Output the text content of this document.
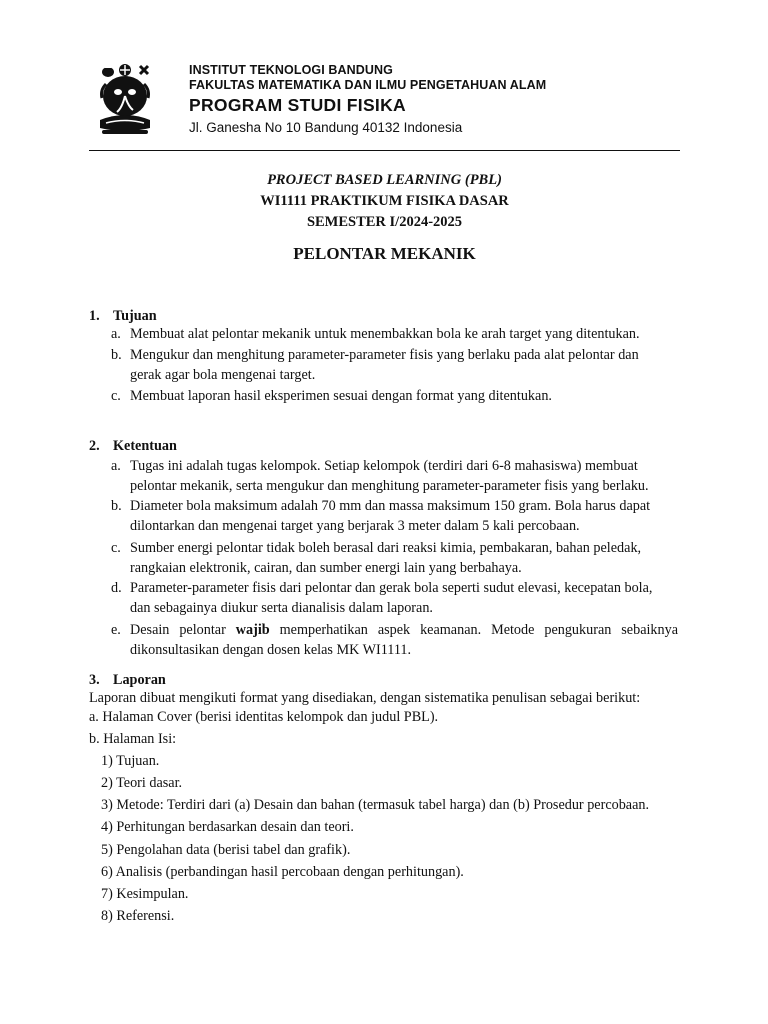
INSTITUT TEKNOLOGI BANDUNG
FAKULTAS MATEMATIKA DAN ILMU PENGETAHUAN ALAM
PROGRAM STUDI FISIKA
Jl. Ganesha No 10 Bandung 40132 Indonesia
PROJECT BASED LEARNING (PBL)
WI1111 PRAKTIKUM FISIKA DASAR
SEMESTER I/2024-2025
PELONTAR MEKANIK
1. Tujuan
a. Membuat alat pelontar mekanik untuk menembakkan bola ke arah target yang ditentukan.
b. Mengukur dan menghitung parameter-parameter fisis yang berlaku pada alat pelontar dan
gerak agar bola mengenai target.
c. Membuat laporan hasil eksperimen sesuai dengan format yang ditentukan.
2. Ketentuan
a. Tugas ini adalah tugas kelompok. Setiap kelompok (terdiri dari 6-8 mahasiswa) membuat
pelontar mekanik, serta mengukur dan menghitung parameter-parameter fisis yang berlaku.
b. Diameter bola maksimum adalah 70 mm dan massa maksimum 150 gram. Bola harus dapat
dilontarkan dan mengenai target yang berjarak 3 meter dalam 5 kali percobaan.
c. Sumber energi pelontar tidak boleh berasal dari reaksi kimia, pembakaran, bahan peledak,
rangkaian elektronik, cairan, dan sumber energi lain yang berbahaya.
d. Parameter-parameter fisis dari pelontar dan gerak bola seperti sudut elevasi, kecepatan bola,
dan sebagainya diukur serta dianalisis dalam laporan.
e. Desain pelontar wajib memperhatikan aspek keamanan. Metode pengukuran sebaiknya
dikonsultasikan dengan dosen kelas MK WI1111.
3. Laporan
Laporan dibuat mengikuti format yang disediakan, dengan sistematika penulisan sebagai berikut:
a. Halaman Cover (berisi identitas kelompok dan judul PBL).
b. Halaman Isi:
1) Tujuan.
2) Teori dasar.
3) Metode: Terdiri dari (a) Desain dan bahan (termasuk tabel harga) dan (b) Prosedur percobaan.
4) Perhitungan berdasarkan desain dan teori.
5) Pengolahan data (berisi tabel dan grafik).
6) Analisis (perbandingan hasil percobaan dengan perhitungan).
7) Kesimpulan.
8) Referensi.
